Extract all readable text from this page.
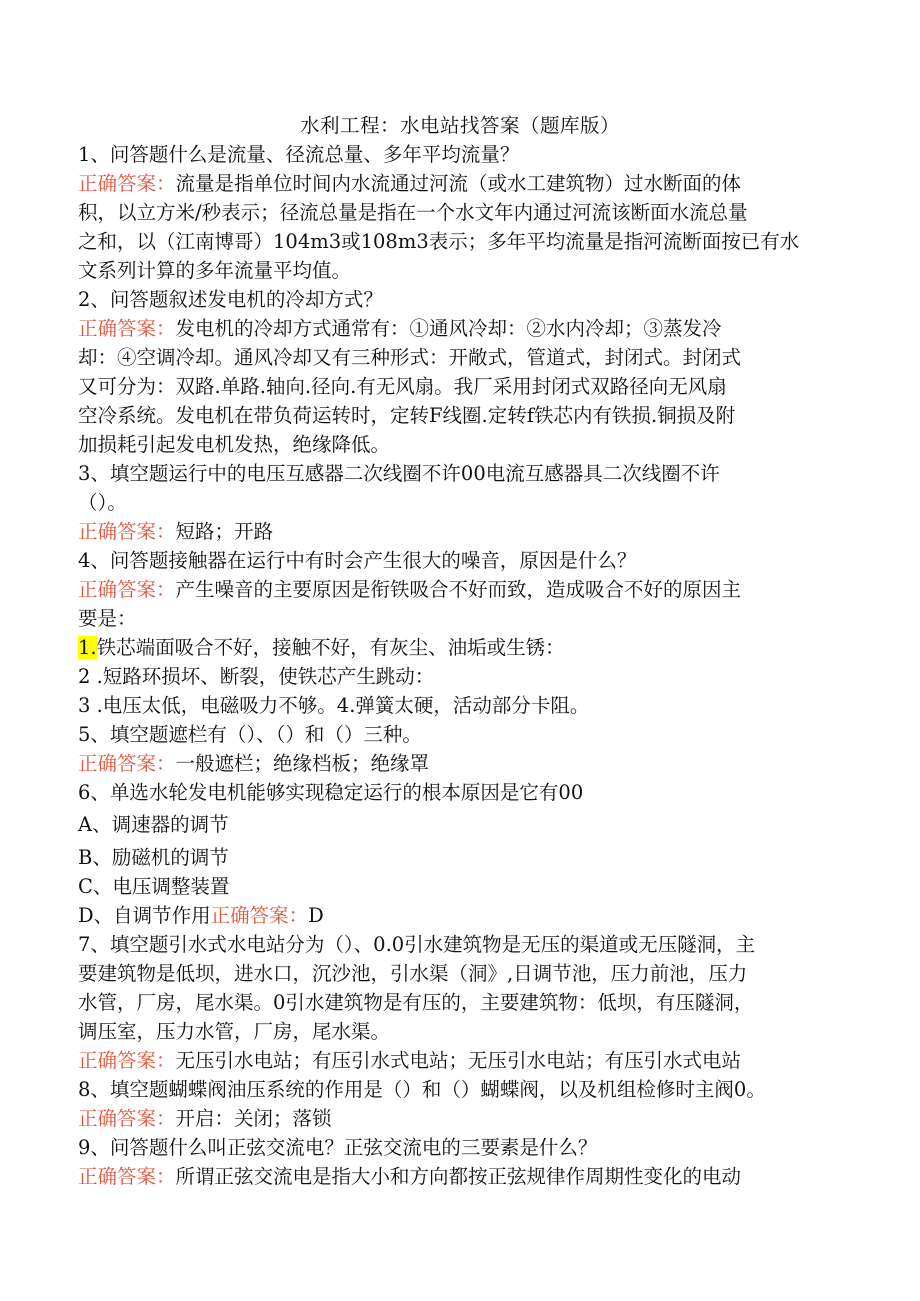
水利工程：水电站找答案（题库版）
1、问答题什么是流量、径流总量、多年平均流量？
正确答案：流量是指单位时间内水流通过河流（或水工建筑物）过水断面的体
积，以立方米/秒表示；径流总量是指在一个水文年内通过河流该断面水流总量
之和，以（江南博哥）104m3或108m3表示；多年平均流量是指河流断面按已有水
文系列计算的多年流量平均值。
2、问答题叙述发电机的冷却方式？
正确答案：发电机的冷却方式通常有：①通风冷却：②水内冷却；③蒸发冷
却：④空调冷却。通风冷却又有三种形式：开敞式，管道式，封闭式。封闭式
又可分为：双路.单路.轴向.径向.有无风扇。我厂采用封闭式双路径向无风扇
空冷系统。发电机在带负荷运转时，定转F线圈.定转f铁芯内有铁损.铜损及附
加损耗引起发电机发热，绝缘降低。
3、填空题运行中的电压互感器二次线圈不许00电流互感器具二次线圈不许
（）。
正确答案：短路；开路
4、问答题接触器在运行中有时会产生很大的噪音，原因是什么？
正确答案：产生噪音的主要原因是衔铁吸合不好而致，造成吸合不好的原因主
要是：
1.铁芯端面吸合不好，接触不好，有灰尘、油垢或生锈：
2 .短路环损坏、断裂，使铁芯产生跳动：
3 .电压太低，电磁吸力不够。4.弹簧太硬，活动部分卡阻。
5、填空题遮栏有（）、（）和（）三种。
正确答案：一般遮栏；绝缘档板；绝缘罩
6、单选水轮发电机能够实现稳定运行的根本原因是它有00
A、调速器的调节
B、励磁机的调节
C、电压调整装置
D、自调节作用正确答案：D
7、填空题引水式水电站分为（）、0.0引水建筑物是无压的渠道或无压隧洞，主
要建筑物是低坝，进水口，沉沙池，引水渠（洞》,日调节池，压力前池，压力
水管，厂房，尾水渠。0引水建筑物是有压的，主要建筑物：低坝，有压隧洞，
调压室，压力水管，厂房，尾水渠。
正确答案：无压引水电站；有压引水式电站；无压引水电站；有压引水式电站
8、填空题蝴蝶阀油压系统的作用是（）和（）蝴蝶阀，以及机组检修时主阀0。
正确答案：开启：关闭；落锁
9、问答题什么叫正弦交流电？正弦交流电的三要素是什么？
正确答案：所谓正弦交流电是指大小和方向都按正弦规律作周期性变化的电动
